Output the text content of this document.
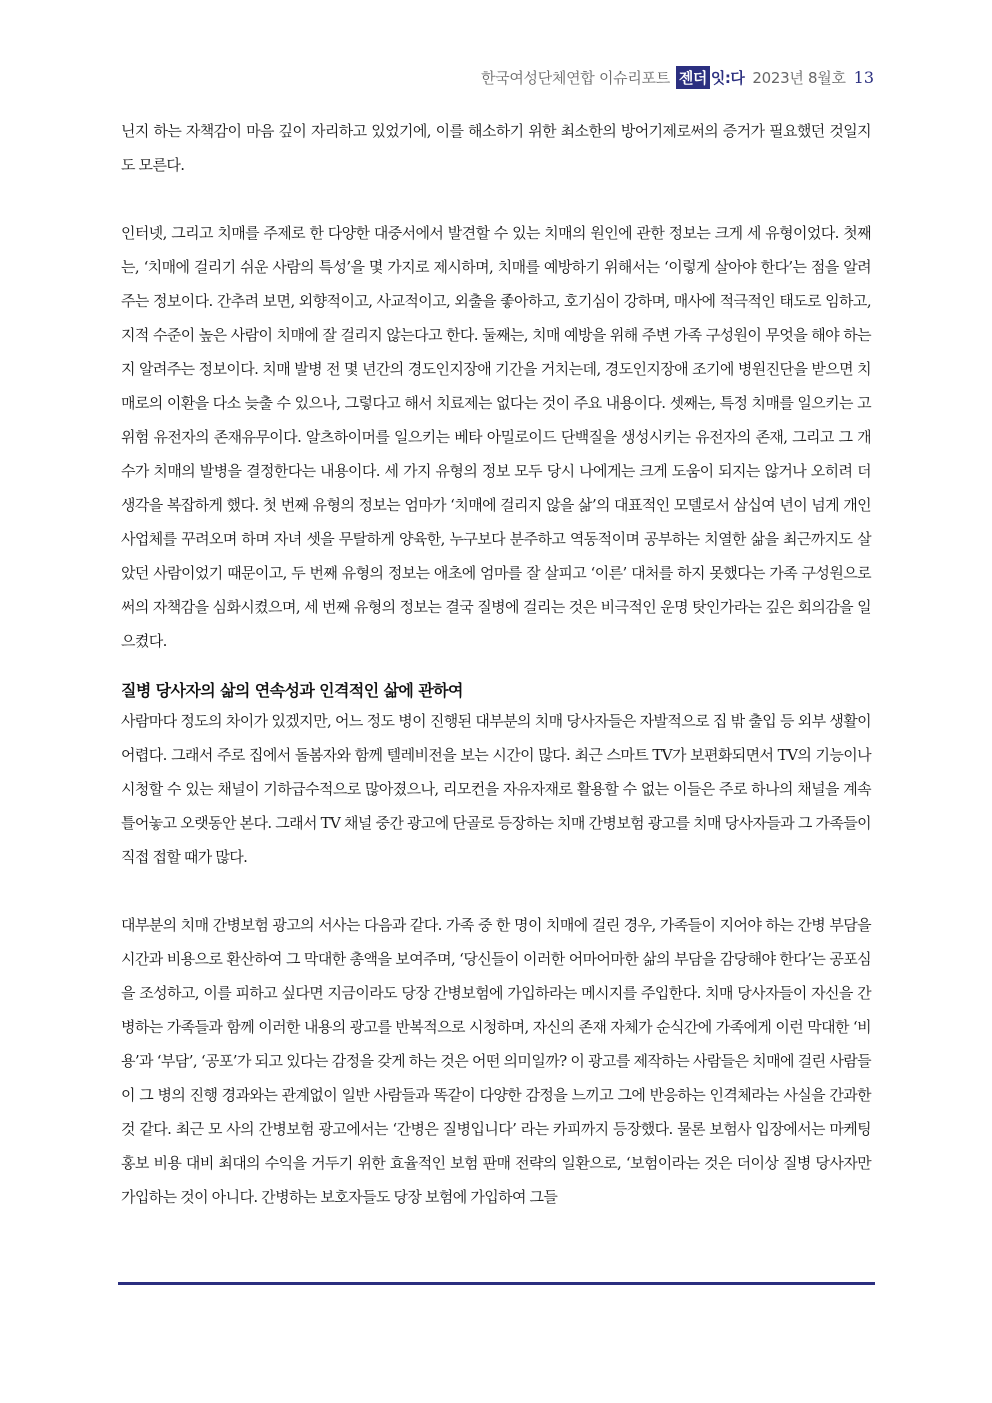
한국여성단체연합 이슈리포트 젠더 잇:다 2023년 8월호 13

닌지 하는 자책감이 마음 깊이 자리하고 있었기에, 이를 해소하기 위한 최소한의 방어기제로써의 증거가 필요했던 것일지도 모른다.

인터넷, 그리고 치매를 주제로 한 다양한 대중서에서 발견할 수 있는 치매의 원인에 관한 정보는 크게 세 유형이었다. 첫째는, ‘치매에 걸리기 쉬운 사람의 특성’을 몇 가지로 제시하며, 치매를 예방하기 위해서는 ‘이렇게 살아야 한다’는 점을 알려주는 정보이다. 간추려 보면, 외향적이고, 사교적이고, 외출을 좋아하고, 호기심이 강하며, 매사에 적극적인 태도로 임하고, 지적 수준이 높은 사람이 치매에 잘 걸리지 않는다고 한다. 둘째는, 치매 예방을 위해 주변 가족 구성원이 무엇을 해야 하는지 알려주는 정보이다. 치매 발병 전 몇 년간의 경도인지장애 기간을 거치는데, 경도인지장애 조기에 병원진단을 받으면 치매로의 이환을 다소 늦출 수 있으나, 그렇다고 해서 치료제는 없다는 것이 주요 내용이다. 셋째는, 특정 치매를 일으키는 고위험 유전자의 존재유무이다. 알츠하이머를 일으키는 베타 아밀로이드 단백질을 생성시키는 유전자의 존재, 그리고 그 개수가 치매의 발병을 결정한다는 내용이다. 세 가지 유형의 정보 모두 당시 나에게는 크게 도움이 되지는 않거나 오히려 더 생각을 복잡하게 했다. 첫 번째 유형의 정보는 엄마가 ‘치매에 걸리지 않을 삶’의 대표적인 모델로서 삼십여 년이 넘게 개인사업체를 꾸려오며 하며 자녀 셋을 무탈하게 양육한, 누구보다 분주하고 역동적이며 공부하는 치열한 삶을 최근까지도 살았던 사람이었기 때문이고, 두 번째 유형의 정보는 애초에 엄마를 잘 살피고 ‘이른’ 대처를 하지 못했다는 가족 구성원으로써의 자책감을 심화시켰으며, 세 번째 유형의 정보는 결국 질병에 걸리는 것은 비극적인 운명 탓인가라는 깊은 회의감을 일으켰다.

질병 당사자의 삶의 연속성과 인격적인 삶에 관하여

사람마다 정도의 차이가 있겠지만, 어느 정도 병이 진행된 대부분의 치매 당사자들은 자발적으로 집 밖 출입 등 외부 생활이 어렵다. 그래서 주로 집에서 돌봄자와 함께 텔레비전을 보는 시간이 많다. 최근 스마트 TV가 보편화되면서 TV의 기능이나 시청할 수 있는 채널이 기하급수적으로 많아졌으나, 리모컨을 자유자재로 활용할 수 없는 이들은 주로 하나의 채널을 계속 틀어놓고 오랫동안 본다. 그래서 TV 채널 중간 광고에 단골로 등장하는 치매 간병보험 광고를 치매 당사자들과 그 가족들이 직접 접할 때가 많다.

대부분의 치매 간병보험 광고의 서사는 다음과 같다. 가족 중 한 명이 치매에 걸린 경우, 가족들이 지어야 하는 간병 부담을 시간과 비용으로 환산하여 그 막대한 총액을 보여주며, ‘당신들이 이러한 어마어마한 삶의 부담을 감당해야 한다’는 공포심을 조성하고, 이를 피하고 싶다면 지금이라도 당장 간병보험에 가입하라는 메시지를 주입한다. 치매 당사자들이 자신을 간병하는 가족들과 함께 이러한 내용의 광고를 반복적으로 시청하며, 자신의 존재 자체가 순식간에 가족에게 이런 막대한 ‘비용’과 ‘부담’, ‘공포’가 되고 있다는 감정을 갖게 하는 것은 어떤 의미일까? 이 광고를 제작하는 사람들은 치매에 걸린 사람들이 그 병의 진행 경과와는 관계없이 일반 사람들과 똑같이 다양한 감정을 느끼고 그에 반응하는 인격체라는 사실을 간과한 것 같다. 최근 모 사의 간병보험 광고에서는 ‘간병은 질병입니다’ 라는 카피까지 등장했다. 물론 보험사 입장에서는 마케팅 홍보 비용 대비 최대의 수익을 거두기 위한 효율적인 보험 판매 전략의 일환으로, ‘보험이라는 것은 더이상 질병 당사자만 가입하는 것이 아니다. 간병하는 보호자들도 당장 보험에 가입하여 그들
